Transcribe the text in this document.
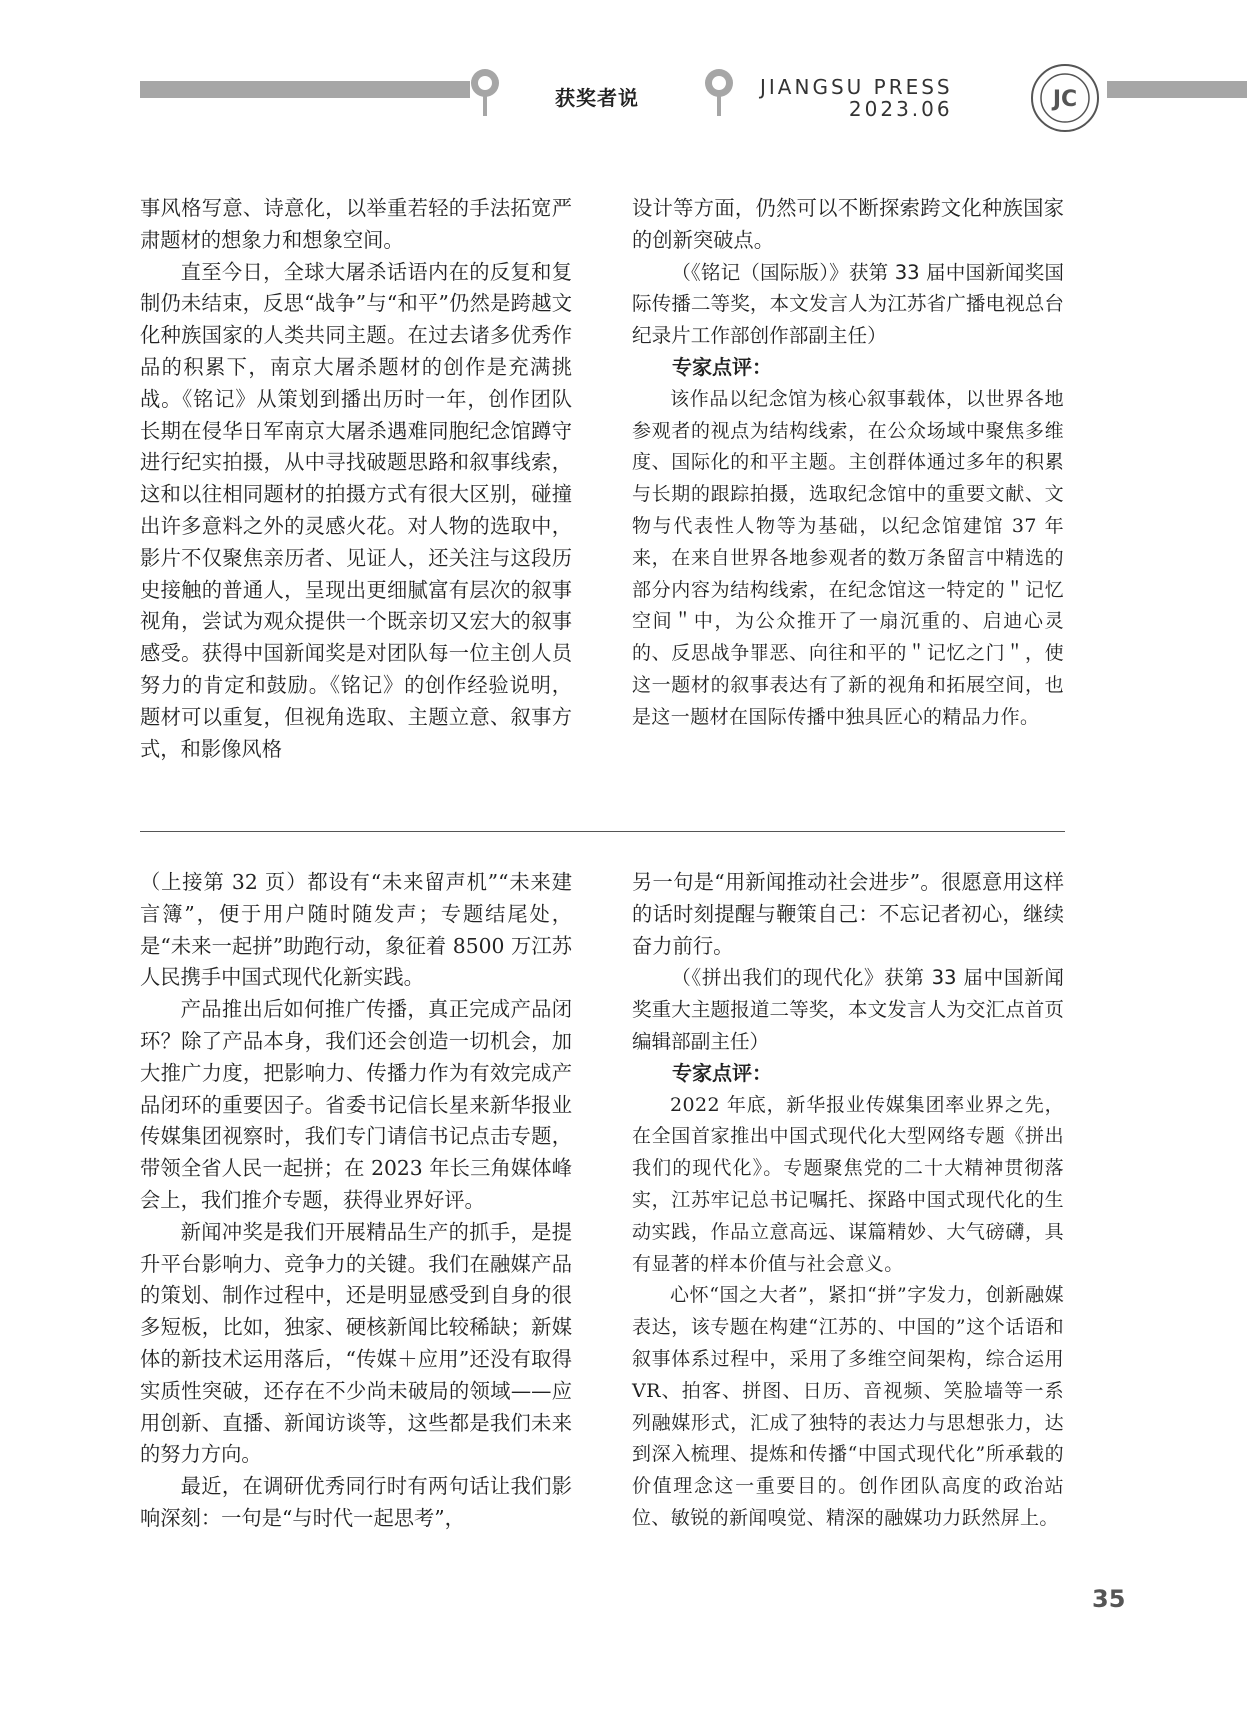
获奖者说	JIANGSU PRESS
2023.06	JC

事风格写意、诗意化，以举重若轻的手法拓宽严肃题材的想象力和想象空间。

直至今日，全球大屠杀话语内在的反复和复制仍未结束，反思“战争”与“和平”仍然是跨越文化种族国家的人类共同主题。在过去诸多优秀作品的积累下，南京大屠杀题材的创作是充满挑战。《铭记》从策划到播出历时一年，创作团队长期在侵华日军南京大屠杀遇难同胞纪念馆蹲守进行纪实拍摄，从中寻找破题思路和叙事线索，这和以往相同题材的拍摄方式有很大区别，碰撞出许多意料之外的灵感火花。对人物的选取中，影片不仅聚焦亲历者、见证人，还关注与这段历史接触的普通人，呈现出更细腻富有层次的叙事视角，尝试为观众提供一个既亲切又宏大的叙事感受。获得中国新闻奖是对团队每一位主创人员努力的肯定和鼓励。《铭记》的创作经验说明，题材可以重复，但视角选取、主题立意、叙事方式，和影像风格

设计等方面，仍然可以不断探索跨文化种族国家的创新突破点。

（《铭记（国际版）》获第 33 届中国新闻奖国际传播二等奖，本文发言人为江苏省广播电视总台纪录片工作部创作部副主任）

专家点评：

该作品以纪念馆为核心叙事载体，以世界各地参观者的视点为结构线索，在公众场域中聚焦多维度、国际化的和平主题。主创群体通过多年的积累与长期的跟踪拍摄，选取纪念馆中的重要文献、文物与代表性人物等为基础，以纪念馆建馆 37 年来，在来自世界各地参观者的数万条留言中精选的部分内容为结构线索，在纪念馆这一特定的＂记忆空间＂中，为公众推开了一扇沉重的、启迪心灵的、反思战争罪恶、向往和平的＂记忆之门＂，使这一题材的叙事表达有了新的视角和拓展空间，也是这一题材在国际传播中独具匠心的精品力作。

（上接第 32 页）都设有“未来留声机”“未来建言簿”，便于用户随时随发声；专题结尾处，是“未来一起拼”助跑行动，象征着 8500 万江苏人民携手中国式现代化新实践。

产品推出后如何推广传播，真正完成产品闭环？除了产品本身，我们还会创造一切机会，加大推广力度，把影响力、传播力作为有效完成产品闭环的重要因子。省委书记信长星来新华报业传媒集团视察时，我们专门请信书记点击专题，带领全省人民一起拼；在 2023 年长三角媒体峰会上，我们推介专题，获得业界好评。

新闻冲奖是我们开展精品生产的抓手，是提升平台影响力、竞争力的关键。我们在融媒产品的策划、制作过程中，还是明显感受到自身的很多短板，比如，独家、硬核新闻比较稀缺；新媒体的新技术运用落后，“传媒＋应用”还没有取得实质性突破，还存在不少尚未破局的领域——应用创新、直播、新闻访谈等，这些都是我们未来的努力方向。

最近，在调研优秀同行时有两句话让我们影响深刻：一句是“与时代一起思考”，

另一句是“用新闻推动社会进步”。很愿意用这样的话时刻提醒与鞭策自己：不忘记者初心，继续奋力前行。

（《拼出我们的现代化》获第 33 届中国新闻奖重大主题报道二等奖，本文发言人为交汇点首页编辑部副主任）

专家点评：

2022 年底，新华报业传媒集团率业界之先，在全国首家推出中国式现代化大型网络专题《拼出我们的现代化》。专题聚焦党的二十大精神贯彻落实，江苏牢记总书记嘱托、探路中国式现代化的生动实践，作品立意高远、谋篇精妙、大气磅礴，具有显著的样本价值与社会意义。

心怀“国之大者”，紧扣“拼”字发力，创新融媒表达，该专题在构建“江苏的、中国的”这个话语和叙事体系过程中，采用了多维空间架构，综合运用 VR、拍客、拼图、日历、音视频、笑脸墙等一系列融媒形式，汇成了独特的表达力与思想张力，达到深入梳理、提炼和传播“中国式现代化”所承载的价值理念这一重要目的。创作团队高度的政治站位、敏锐的新闻嗅觉、精深的融媒功力跃然屏上。

35
